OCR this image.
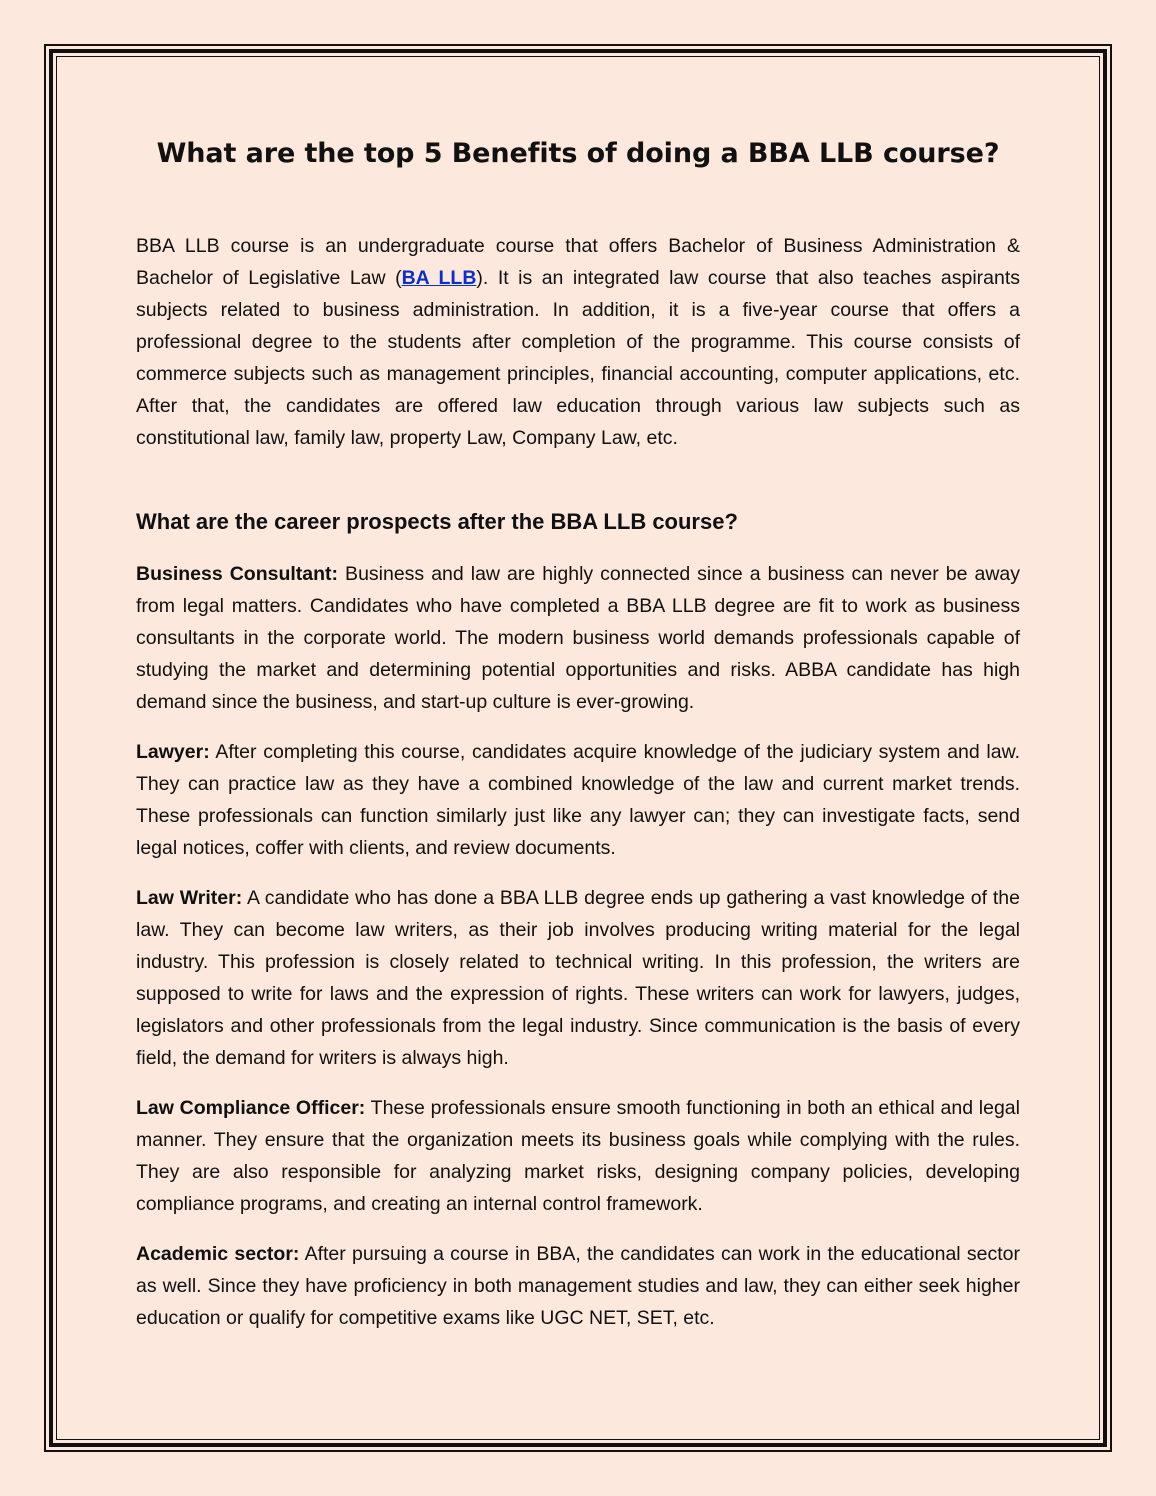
What are the top 5 Benefits of doing a BBA LLB course?

BBA LLB course is an undergraduate course that offers Bachelor of Business Administration & Bachelor of Legislative Law (BA LLB). It is an integrated law course that also teaches aspirants subjects related to business administration. In addition, it is a five-year course that offers a professional degree to the students after completion of the programme. This course consists of commerce subjects such as management principles, financial accounting, computer applications, etc. After that, the candidates are offered law education through various law subjects such as constitutional law, family law, property Law, Company Law, etc.

What are the career prospects after the BBA LLB course?

Business Consultant: Business and law are highly connected since a business can never be away from legal matters. Candidates who have completed a BBA LLB degree are fit to work as business consultants in the corporate world. The modern business world demands professionals capable of studying the market and determining potential opportunities and risks. ABBA candidate has high demand since the business, and start-up culture is ever-growing.

Lawyer: After completing this course, candidates acquire knowledge of the judiciary system and law. They can practice law as they have a combined knowledge of the law and current market trends. These professionals can function similarly just like any lawyer can; they can investigate facts, send legal notices, coffer with clients, and review documents.

Law Writer: A candidate who has done a BBA LLB degree ends up gathering a vast knowledge of the law. They can become law writers, as their job involves producing writing material for the legal industry. This profession is closely related to technical writing. In this profession, the writers are supposed to write for laws and the expression of rights. These writers can work for lawyers, judges, legislators and other professionals from the legal industry. Since communication is the basis of every field, the demand for writers is always high.

Law Compliance Officer: These professionals ensure smooth functioning in both an ethical and legal manner. They ensure that the organization meets its business goals while complying with the rules. They are also responsible for analyzing market risks, designing company policies, developing compliance programs, and creating an internal control framework.

Academic sector: After pursuing a course in BBA, the candidates can work in the educational sector as well. Since they have proficiency in both management studies and law, they can either seek higher education or qualify for competitive exams like UGC NET, SET, etc.
